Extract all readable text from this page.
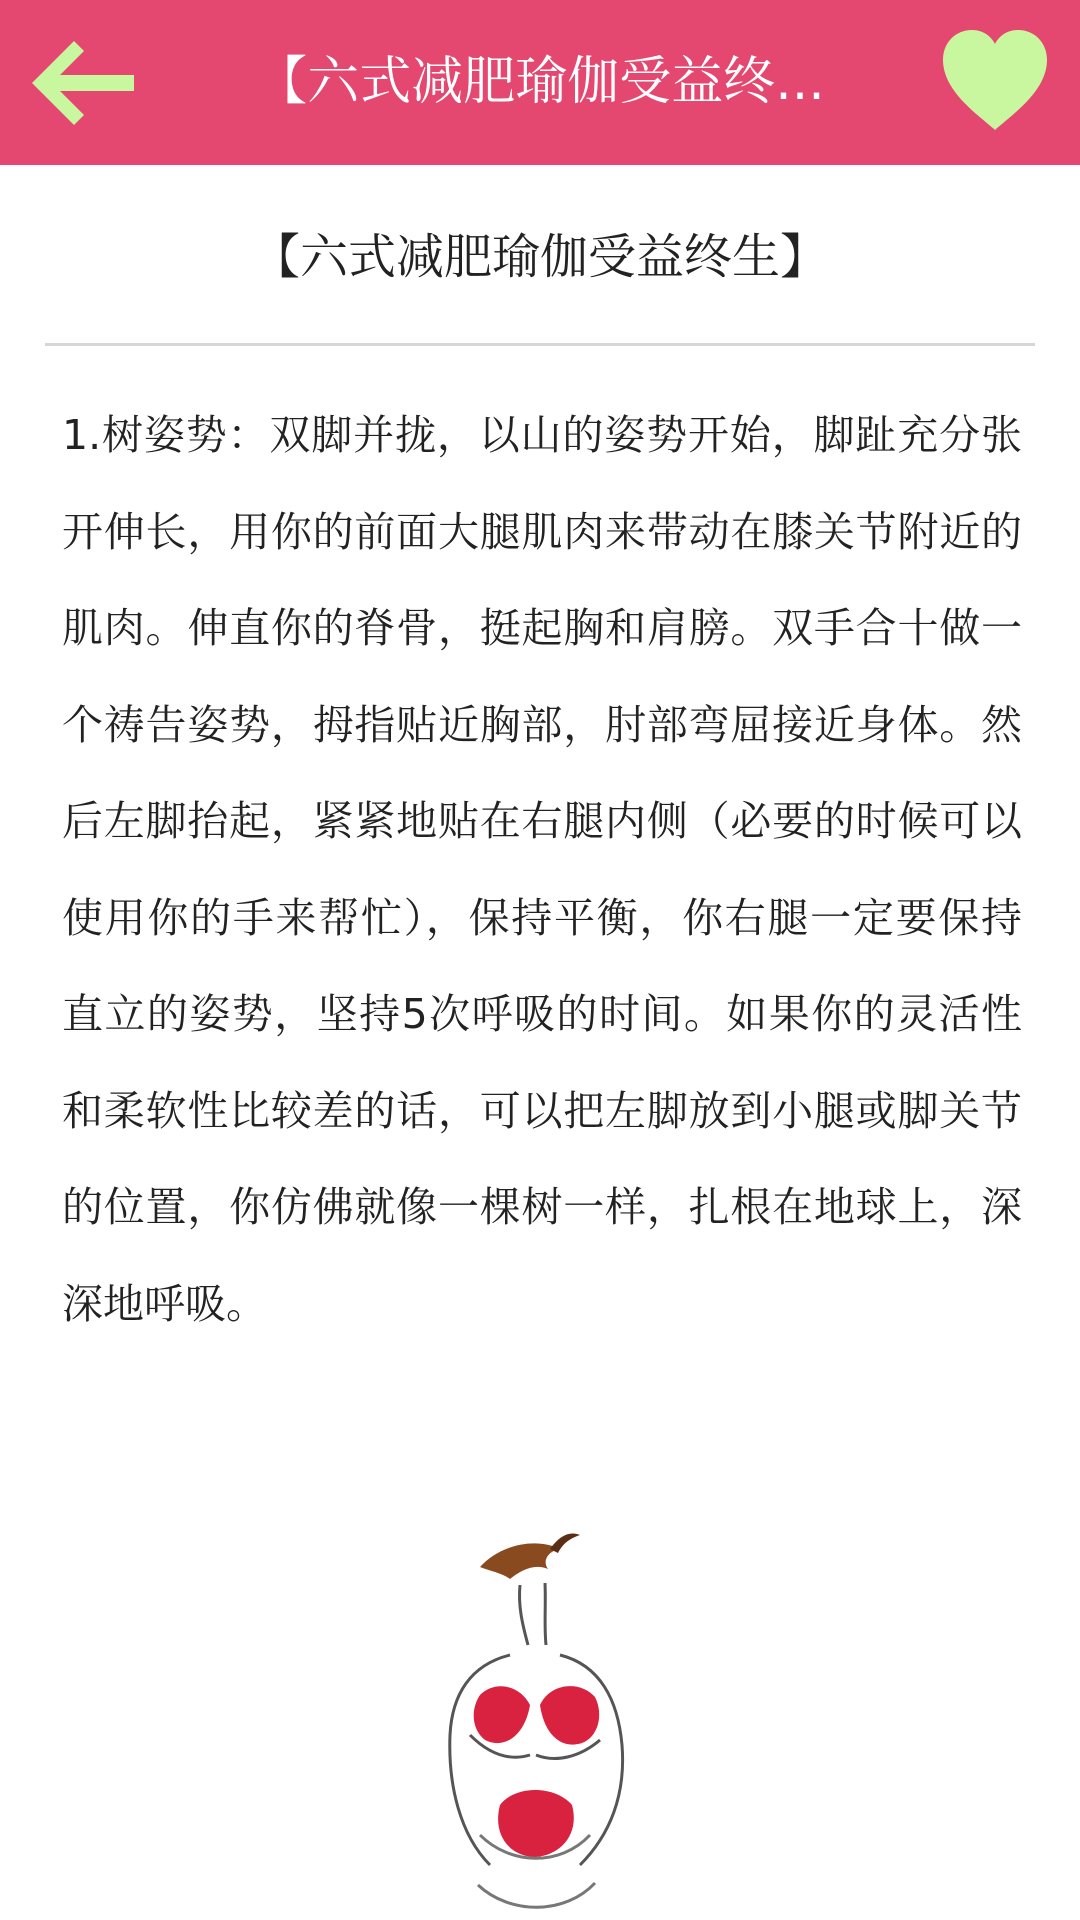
【六式减肥瑜伽受益终...
【六式减肥瑜伽受益终生】

1.树姿势：双脚并拢，以山的姿势开始，脚趾充分张开伸长，用你的前面大腿肌肉来带动在膝关节附近的肌肉。伸直你的脊骨，挺起胸和肩膀。双手合十做一个祷告姿势，拇指贴近胸部，肘部弯屈接近身体。然后左脚抬起，紧紧地贴在右腿内侧（必要的时候可以使用你的手来帮忙），保持平衡，你右腿一定要保持直立的姿势，坚持5次呼吸的时间。如果你的灵活性和柔软性比较差的话，可以把左脚放到小腿或脚关节的位置，你仿佛就像一棵树一样，扎根在地球上，深深地呼吸。
